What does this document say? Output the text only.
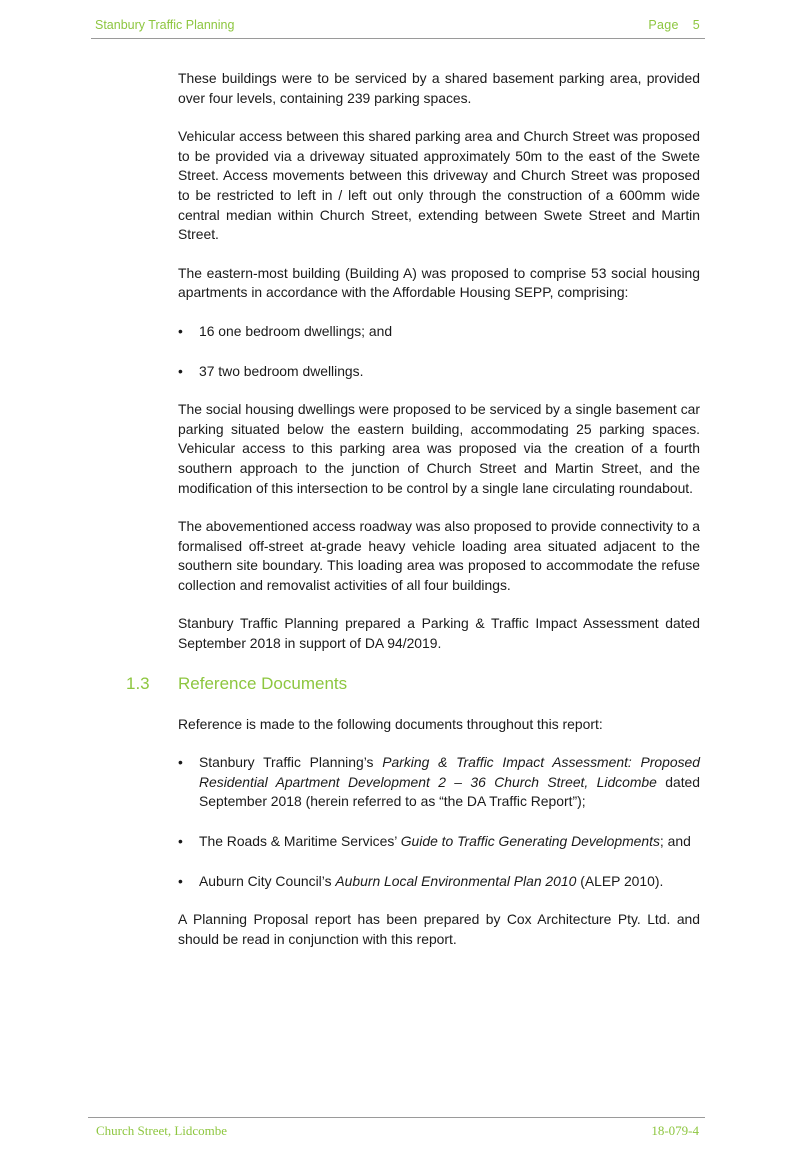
Stanbury Traffic Planning	Page 5

These buildings were to be serviced by a shared basement parking area, provided over four levels, containing 239 parking spaces.

Vehicular access between this shared parking area and Church Street was proposed to be provided via a driveway situated approximately 50m to the east of the Swete Street. Access movements between this driveway and Church Street was proposed to be restricted to left in / left out only through the construction of a 600mm wide central median within Church Street, extending between Swete Street and Martin Street.

The eastern-most building (Building A) was proposed to comprise 53 social housing apartments in accordance with the Affordable Housing SEPP, comprising:

• 16 one bedroom dwellings; and
• 37 two bedroom dwellings.

The social housing dwellings were proposed to be serviced by a single basement car parking situated below the eastern building, accommodating 25 parking spaces. Vehicular access to this parking area was proposed via the creation of a fourth southern approach to the junction of Church Street and Martin Street, and the modification of this intersection to be control by a single lane circulating roundabout.

The abovementioned access roadway was also proposed to provide connectivity to a formalised off-street at-grade heavy vehicle loading area situated adjacent to the southern site boundary. This loading area was proposed to accommodate the refuse collection and removalist activities of all four buildings.

Stanbury Traffic Planning prepared a Parking & Traffic Impact Assessment dated September 2018 in support of DA 94/2019.

1.3 Reference Documents

Reference is made to the following documents throughout this report:

• Stanbury Traffic Planning’s Parking & Traffic Impact Assessment: Proposed Residential Apartment Development 2 – 36 Church Street, Lidcombe dated September 2018 (herein referred to as “the DA Traffic Report”);
• The Roads & Maritime Services’ Guide to Traffic Generating Developments; and
• Auburn City Council’s Auburn Local Environmental Plan 2010 (ALEP 2010).

A Planning Proposal report has been prepared by Cox Architecture Pty. Ltd. and should be read in conjunction with this report.

Church Street, Lidcombe	18-079-4
